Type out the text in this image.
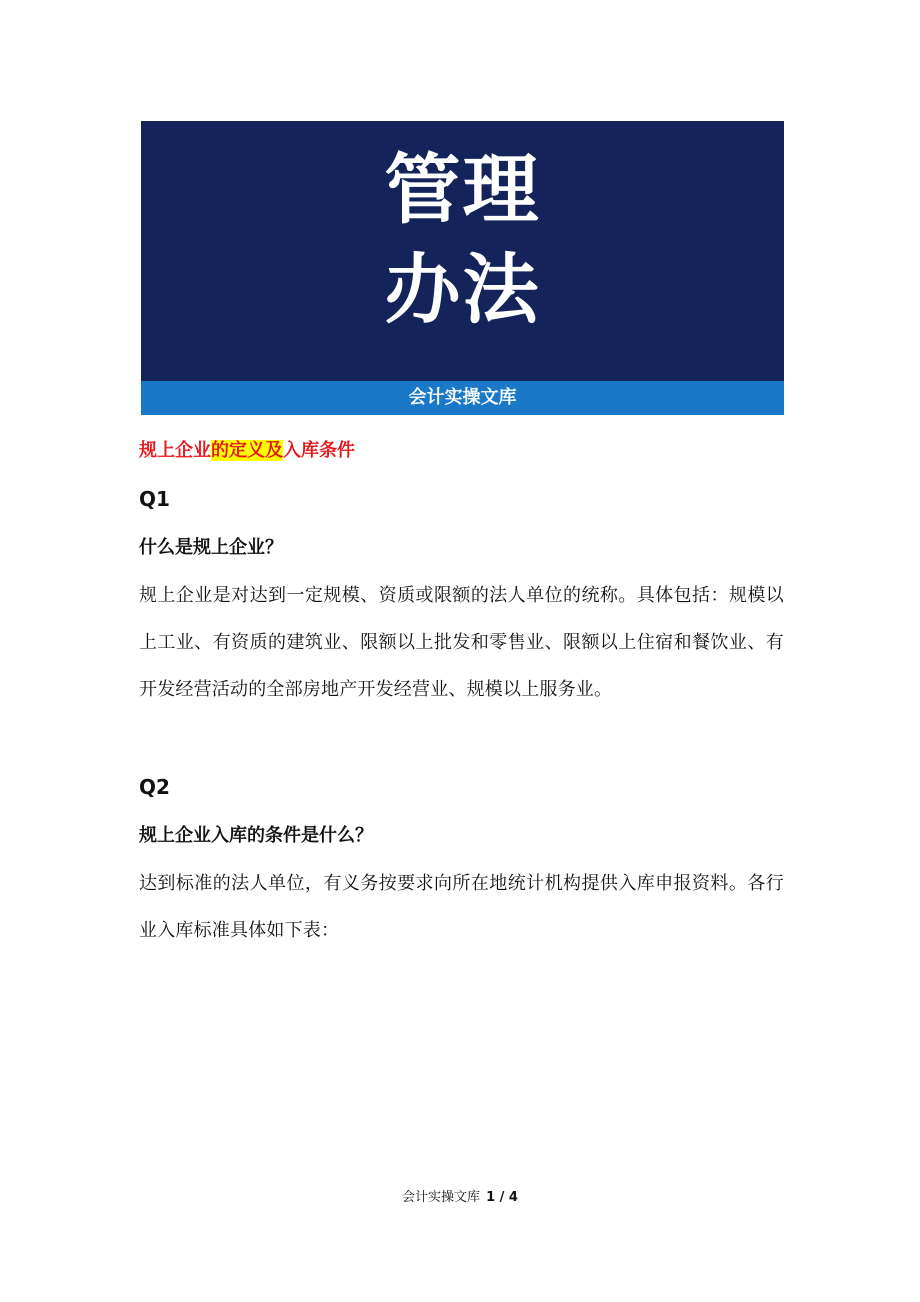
管理
办法
会计实操文库
规上企业的定义及入库条件
Q1
什么是规上企业？

规上企业是对达到一定规模、资质或限额的法人单位的统称。具体包括：规模以上工业、有资质的建筑业、限额以上批发和零售业、限额以上住宿和餐饮业、有开发经营活动的全部房地产开发经营业、规模以上服务业。

Q2
规上企业入库的条件是什么？

达到标准的法人单位，有义务按要求向所在地统计机构提供入库申报资料。各行业入库标准具体如下表：

会计实操文库 1 / 4
